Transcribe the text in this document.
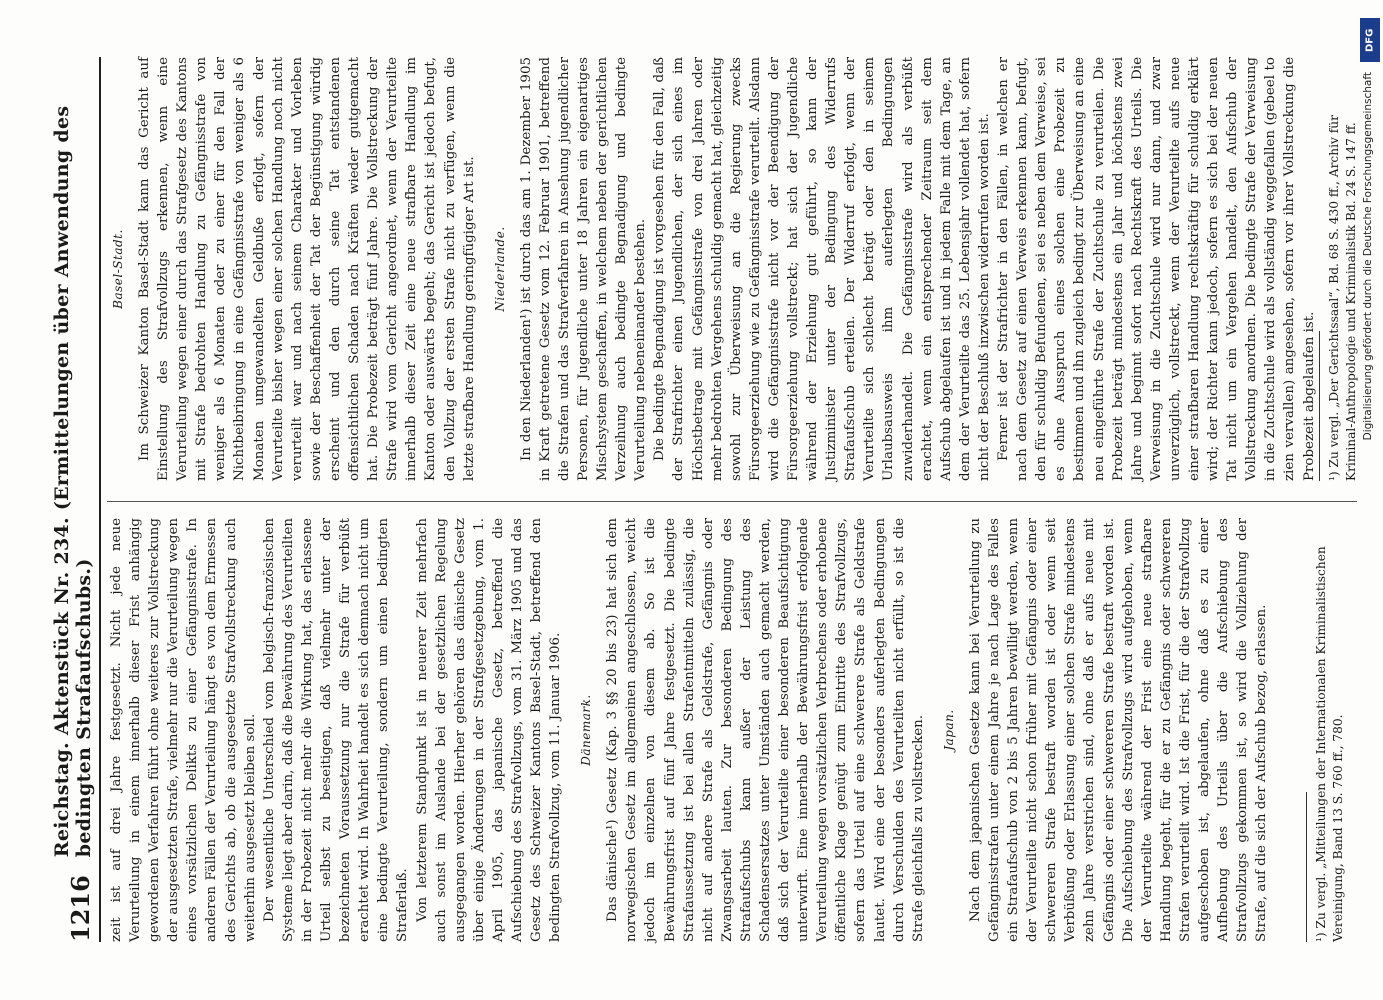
1216
Reichstag. Aktenstück Nr. 234. (Ermittelungen über Anwendung des bedingten Strafaufschubs.) zeit ist auf drei Jahre festgesetzt. Nicht jede neue Verurteilung in einem innerhalb dieser Frist anhängig gewordenen Verfahren führt ohne weiteres zur Vollstreckung der ausgesetzten Strafe, vielmehr nur die Verurteilung wegen eines vorsätzlichen Delikts zu einer Gefängnisstrafe. In anderen Fällen der Verurteilung hängt es von dem Ermessen des Gerichts ab, ob die ausgesetzte Strafvollstreckung auch weiterhin ausgesetzt bleiben soll. Der wesentliche Unterschied vom belgisch-französischen Systeme liegt aber darin, daß die Bewährung des Verurteilten in der Probezeit nicht mehr die Wirkung hat, das erlassene Urteil selbst zu beseitigen, daß vielmehr unter der bezeichneten Voraussetzung nur die Strafe für verbüßt erachtet wird. In Wahrheit handelt es sich demnach nicht um eine bedingte Verurteilung, sondern um einen bedingten Straferlaß. Von letzterem Standpunkt ist in neuerer Zeit mehrfach auch sonst im Auslande bei der gesetzlichen Regelung ausgegangen worden. Hierher gehören das dänische Gesetz über einige Änderungen in der Strafgesetzgebung, vom 1. April 1905, das japanische Gesetz, betreffend die Aufschiebung des Strafvollzugs, vom 31. März 1905 und das Gesetz des Schweizer Kantons Basel-Stadt, betreffend den bedingten Strafvollzug, vom 11. Januar 1906. Dänemark. Das dänische¹) Gesetz (Kap. 3 §§ 20 bis 23) hat sich dem norwegischen Gesetz im allgemeinen angeschlossen, weicht jedoch im einzelnen von diesem ab. So ist die Bewährungsfrist auf fünf Jahre festgesetzt. Die bedingte Strafaussetzung ist bei allen Strafentmitteln zulässig, die nicht auf andere Strafe als Geldstrafe, Gefängnis oder Zwangsarbeit lauten. Zur besonderen Bedingung des Strafaufschubs kann außer der Leistung des Schadensersatzes unter Umständen auch gemacht werden, daß sich der Verurteilte einer besonderen Beaufsichtigung unterwirft. Eine innerhalb der Bewährungsfrist erfolgende Verurteilung wegen vorsätzlichen Verbrechens oder erhobene öffentliche Klage genügt zum Eintritte des Strafvollzugs, sofern das Urteil auf eine schwerere Strafe als Geldstrafe lautet. Wird eine der besonders auferlegten Bedingungen durch Verschulden des Verurteilten nicht erfüllt, so ist die Strafe gleichfalls zu vollstrecken. Japan. Nach dem japanischen Gesetze kann bei Verurteilung zu Gefängnisstrafen unter einem Jahre je nach Lage des Falles ein Strafaufschub von 2 bis 5 Jahren bewilligt werden, wenn der Verurteilte nicht schon früher mit Gefängnis oder einer schwereren Strafe bestraft worden ist oder wenn seit Verbüßung oder Erlassung einer solchen Strafe mindestens zehn Jahre verstrichen sind, ohne daß er aufs neue mit Gefängnis oder einer schwereren Strafe bestraft worden ist. Die Aufschiebung des Strafvollzugs wird aufgehoben, wenn der Verurteilte während der Frist eine neue strafbare Handlung begeht, für die er zu Gefängnis oder schwereren Strafen verurteilt wird. Ist die Frist, für die der Strafvollzug aufgeschoben ist, abgelaufen, ohne daß es zu einer Aufhebung des Urteils über die Aufschiebung des Strafvollzugs gekommen ist, so wird die Vollziehung der Strafe, auf die sich der Aufschub bezog, erlassen.	¹) Zu vergl. „Mitteilungen der Internationalen Kriminalistischen Vereinigung, Band 13 S. 760 ff., 780.
Basel-Stadt. Im Schweizer Kanton Basel-Stadt kann das Gericht auf Einstellung des Strafvollzugs erkennen, wenn eine Verurteilung wegen einer durch das Strafgesetz des Kantons mit Strafe bedrohten Handlung zu Gefängnisstrafe von weniger als 6 Monaten oder zu einer für den Fall der Nichtbeibringung in eine Gefängnisstrafe von weniger als 6 Monaten umgewandelten Geldbuße erfolgt, sofern der Verurteilte bisher wegen einer solchen Handlung noch nicht verurteilt war und nach seinem Charakter und Vorleben sowie der Beschaffenheit der Tat der Begünstigung würdig erscheint und den durch seine Tat entstandenen offensichtlichen Schaden nach Kräften wieder gutgemacht hat. Die Probezeit beträgt fünf Jahre. Die Vollstreckung der Strafe wird vom Gericht angeordnet, wenn der Verurteilte innerhalb dieser Zeit eine neue strafbare Handlung im Kanton oder auswärts begeht; das Gericht ist jedoch befugt, den Vollzug der ersten Strafe nicht zu verfügen, wenn die letzte strafbare Handlung geringfügiger Art ist. Niederlande. In den Niederlanden¹) ist durch das am 1. Dezember 1905 in Kraft getretene Gesetz vom 12. Februar 1901, betreffend die Strafen und das Strafverfahren in Ansehung jugendlicher Personen, für Jugendliche unter 18 Jahren ein eigenartiges Mischsystem geschaffen, in welchem neben der gerichtlichen Verzeihung auch bedingte Begnadigung und bedingte Verurteilung nebeneinander bestehen. Die bedingte Begnadigung ist vorgesehen für den Fall, daß der Strafrichter einen Jugendlichen, der sich eines im Höchstbetrage mit Gefängnisstrafe von drei Jahren oder mehr bedrohten Vergehens schuldig gemacht hat, gleichzeitig sowohl zur Überweisung an die Regierung zwecks Fürsorgeerziehung wie zu Gefängnisstrafe verurteilt. Alsdann wird die Gefängnisstrafe nicht vor der Beendigung der Fürsorgeerziehung vollstreckt; hat sich der Jugendliche während der Erziehung gut geführt, so kann der Justizminister unter der Bedingung des Widerrufs Strafaufschub erteilen. Der Widerruf erfolgt, wenn der Verurteilte sich schlecht beträgt oder den in seinem Urlaubsausweis ihm auferlegten Bedingungen zuwiderhandelt. Die Gefängnisstrafe wird als verbüßt erachtet, wenn ein entsprechender Zeitraum seit dem Aufschub abgelaufen ist und in jedem Falle mit dem Tage, an dem der Verurteilte das 25. Lebensjahr vollendet hat, sofern nicht der Beschluß inzwischen widerrufen worden ist. Ferner ist der Strafrichter in den Fällen, in welchen er nach dem Gesetz auf einen Verweis erkennen kann, befugt, den für schuldig Befundenen, sei es neben dem Verweise, sei es ohne Ausspruch eines solchen eine Probezeit zu bestimmen und ihn zugleich bedingt zur Überweisung an eine neu eingeführte Strafe der Zuchtschule zu verurteilen. Die Probezeit beträgt mindestens ein Jahr und höchstens zwei Jahre und beginnt sofort nach Rechtskraft des Urteils. Die Verweisung in die Zuchtschule wird nur dann, und zwar unverzüglich, vollstreckt, wenn der Verurteilte aufs neue einer strafbaren Handlung rechtskräftig für schuldig erklärt wird; der Richter kann jedoch, sofern es sich bei der neuen Tat nicht um ein Vergehen handelt, den Aufschub der Vollstreckung anordnen. Die bedingte Strafe der Verweisung in die Zuchtschule wird als vollständig weggefallen (gebeel to zien vervallen) angesehen, sofern vor ihrer Vollstreckung die Probezeit abgelaufen ist. ¹) Zu vergl. „Der Gerichtssaal“, Bd. 68 S. 430 ff., Archiv für Kriminal-Anthropologie und Kriminalistik Bd. 24 S. 147 ff.
DFG
Digitalisierung gefördert durch die Deutsche Forschungsgemeinschaft
